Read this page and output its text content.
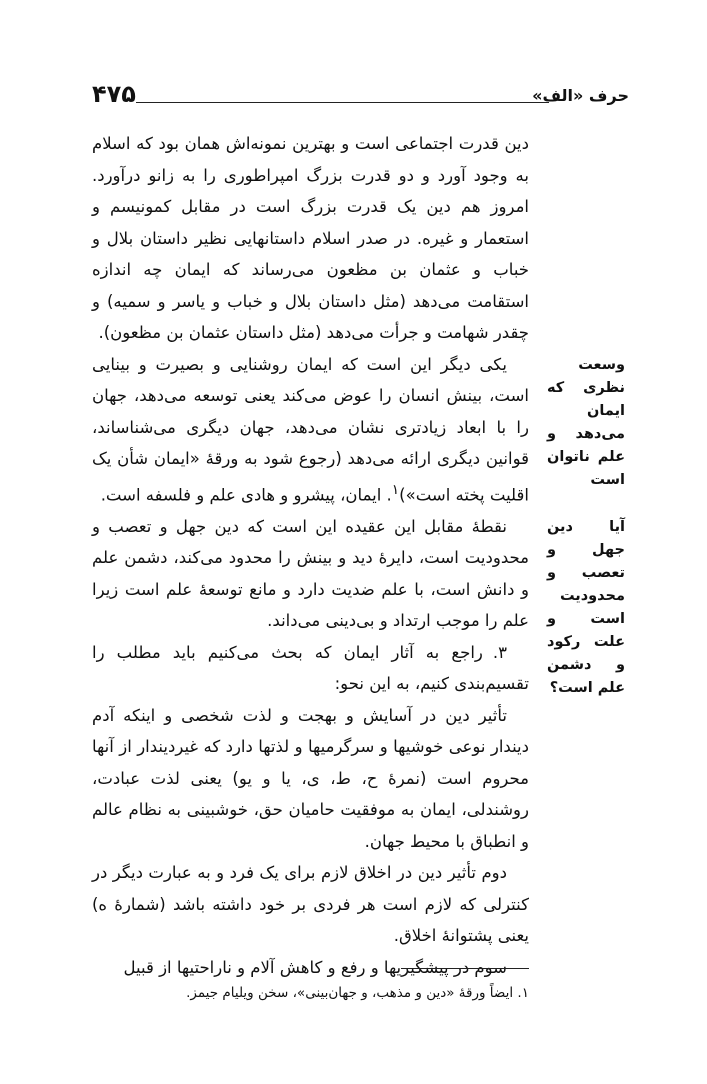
حرف «الف»
۴۷۵

دین قدرت اجتماعی است و بهترین نمونه‌اش همان بود که اسلام به وجود آورد و دو قدرت بزرگ امپراطوری را به زانو درآورد. امروز هم دین یک قدرت بزرگ است در مقابل کمونیسم و استعمار و غیره. در صدر اسلام داستانهایی نظیر داستان بلال و خباب و عثمان بن مظعون می‌رساند که ایمان چه اندازه استقامت می‌دهد (مثل داستان بلال و خباب و یاسر و سمیه) و چقدر شهامت و جرأت می‌دهد (مثل داستان عثمان بن مظعون).

یکی دیگر این است که ایمان روشنایی و بصیرت و بینایی است، بینش انسان را عوض می‌کند یعنی توسعه می‌دهد، جهان را با ابعاد زیادتری نشان می‌دهد، جهان دیگری می‌شناساند، قوانین دیگری ارائه می‌دهد (رجوع شود به ورقهٔ «ایمان شأن یک اقلیت پخته است»)$^۱$. ایمان، پیشرو و هادی علم و فلسفه است.

نقطهٔ مقابل این عقیده این است که دین جهل و تعصب و محدودیت است، دایرهٔ دید و بینش را محدود می‌کند، دشمن علم و دانش است، با علم ضدیت دارد و مانع توسعهٔ علم است زیرا علم را موجب ارتداد و بی‌دینی می‌داند.

۳.راجع به آثار ایمان که بحث می‌کنیم باید مطلب را تقسیم‌بندی کنیم، به این نحو:

تأثیر دین در آسایش و بهجت و لذت شخصی و اینکه آدم دیندار نوعی خوشیها و سرگرمیها و لذتها دارد که غیردیندار از آنها محروم است (نمرهٔ ح، ط، ی، یا و یو) یعنی لذت عبادت، روشندلی، ایمان به موفقیت حامیان حق، خوشبینی به نظام عالم و انطباق با محیط جهان.

دوم تأثیر دین در اخلاق لازم برای یک فرد و به عبارت دیگر در کنترلی که لازم است هر فردی بر خود داشته باشد (شمارهٔ ه) یعنی پشتوانهٔ اخلاق.

سوم در پیشگیریها و رفع و کاهش آلام و ناراحتیها از قبیل

وسعت نظری که ایمان می‌دهد و علم ناتوان است
آیا دین جهل و تعصب و محدودیت است و علت رکود و دشمن علم است؟
۱. ایضاً ورقهٔ «دین و مذهب، و جهان‌بینی»، سخن ویلیام جیمز.
